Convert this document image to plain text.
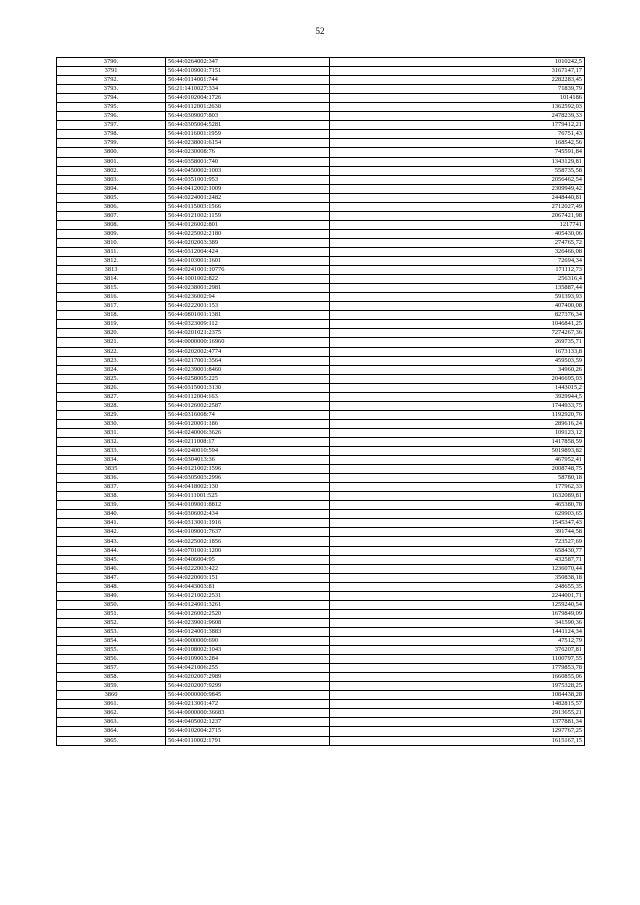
52
3790.	56:44:0264002:347	1010242,5
3791	56:44:0109001:7151	3167147,17
3792.	56:44:0114001:744	2282283,45
3793.	56:21:1410027:334	71839,79
3794.	56:44:0102004:1726	1014186
3795.	56:44:0112001:2630	1362592,03
3796.	56:44:0309007:803	2478239,33
3797.	56:44:0305004:5281	1779412,21
3798.	56:44:0116001:1959	76751,43
3799.	56:44:0238001:6154	168542,56
3800.	56:44:0230008:76	745591,84
3801.	56:44:0358001:740	1343129,81
3802.	56:44:0450002:1003	558735,58
3803.	56:44:0351001:953	2056462,54
3804.	56:44:0412002:1009	2309949,42
3805.	56:44:0224001:2482	2448440,81
3806.	56:44:0115003:1566	2712027,49
3807.	56:44:0121002:1159	2067421,98
3808.	56:44:0126002:801	1217741
3809.	56:44:0225002:2180	405430,06
3810.	56:44:0202003:389	274765,72
3811.	56:44:0312004:424	326466,08
3812.	56:44:0103001:1601	72694,34
3813	56:44:0241001:10776	171112,73
3814.	56:44:1001002:822	256316,4
3815.	56:44:0238001:2981	135887,44
3816.	56:44:0236002:94	591393,93
3817.	56:44:0222001:153	407400,08
3818.	56:44:0801001:1381	827376,34
3819.	56:44:0323009:112	1046841,25
3820.	56:44:0201021:2375	7274267,36
3821.	56:44:0000000:16960	269735,71
3822.	56:44:0202002:4774	1673133,8
3823.	56:44:0217001:3564	459503,59
3824.	56:44:0239001:8460	34960,26
3825.	56:44:0258005:225	2046695,03
3826.	56:44:0315001:3130	1443015,2
3827.	56:44:0112004:163	3929944,5
3828.	56:44:0126002:2587	1744933,75
3829.	56:44:0316008:74	1192920,76
3830.	56:44:0120001:186	289616,24
3831.	56:44:0240006:3626	109123,12
3832.	56:44:0211008:17	1417858,59
3833.	56:44:0240010:594	5019893,82
3834.	56:44:0304013:36	467952,41
3835	56:44:0121002:1596	2008748,75
3836.	56:44:0305003:2996	58780,18
3837.	56:44:0418002:130	177962,33
3838.	56:44:0111001:525	1632089,81
3839.	56:44:0109001:8812	465380,78
3840.	56:44:0306002:434	629903,65
3841.	56:44:0313001:1916	1545347,43
3842.	56:44:0109001:7637	391744,58
3843.	56:44:0225002:1856	723527,69
3844.	56:44:0701001:1200	658430,77
3845.	56:44:0406004:95	432587,71
3846.	56:44:0222003:422	1236070,44
3847.	56:44:0220003:151	350838,18
3848.	56:44:0443003:81	248655,35
3849.	56:44:0121002:2531	2244001,71
3850.	56:44:0124001:3261	1259240,54
3851.	56:44:0126002:2520	1679849,09
3852.	56:44:0239001:9608	341590,36
3853.	56:44:0124001:3883	1441124,34
3854.	56:44:0000000:690	47512,79
3855.	56:44:0108002:1043	376207,81
3856.	56:44:0109003:284	1100797,55
3857.	56:44:0421006:255	1779853,78
3858.	56:44:0202007:2989	1660855,06
3859.	56:44:0202007:9299	1975328,25
3860	56:44:0000000:9845	1084438,28
3861.	56:44:0213001:472	1482815,57
3862.	56:44:0000000:36683	2913655,21
3863.	56:44:0405002:1237	1377881,34
3864.	56:44:0102004:2715	1297767,25
3865.	56:44:0110002:1791	1615167,15
